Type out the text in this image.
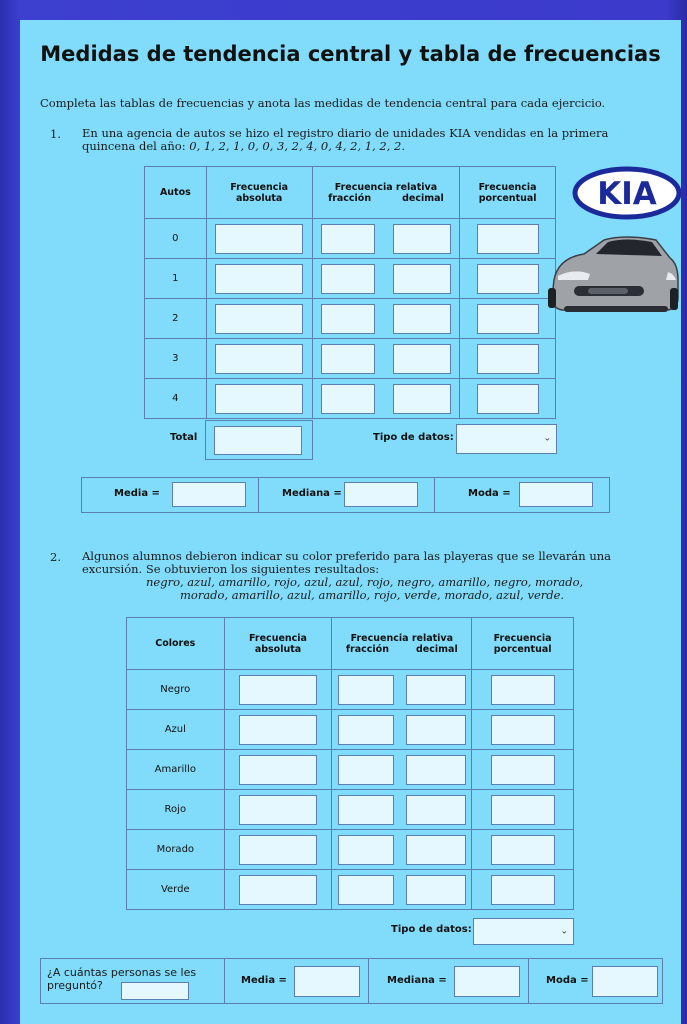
Medidas de tendencia central y tabla de frecuencias
Completa las tablas de frecuencias y anota las medidas de tendencia central para cada ejercicio.
1. En una agencia de autos se hizo el registro diario de unidades KIA vendidas en la primera
quincena del año: 0, 1, 2, 1, 0, 0, 3, 2, 4, 0, 4, 2, 1, 2, 2.
Autos	Frecuencia absoluta	Frecuencia relativa
fracción decimal	Frecuencia porcentual
0		

1		

2		

3		

4		

Total	Tipo de datos:	⌄
Media =	Mediana =	Moda =
KIA
2. Algunos alumnos debieron indicar su color preferido para las playeras que se llevarán una
excursión. Se obtuvieron los siguientes resultados:
negro, azul, amarillo, rojo, azul, azul, rojo, negro, amarillo, negro, morado,
morado, amarillo, azul, amarillo, rojo, verde, morado, azul, verde.
Colores	Frecuencia absoluta	Frecuencia relativa
fracción decimal	Frecuencia porcentual
Negro		

Azul		

Amarillo		

Rojo		

Morado		

Verde		

Tipo de datos:	⌄
¿A cuántas personas se les preguntó?	Media =	Mediana =	Moda =
